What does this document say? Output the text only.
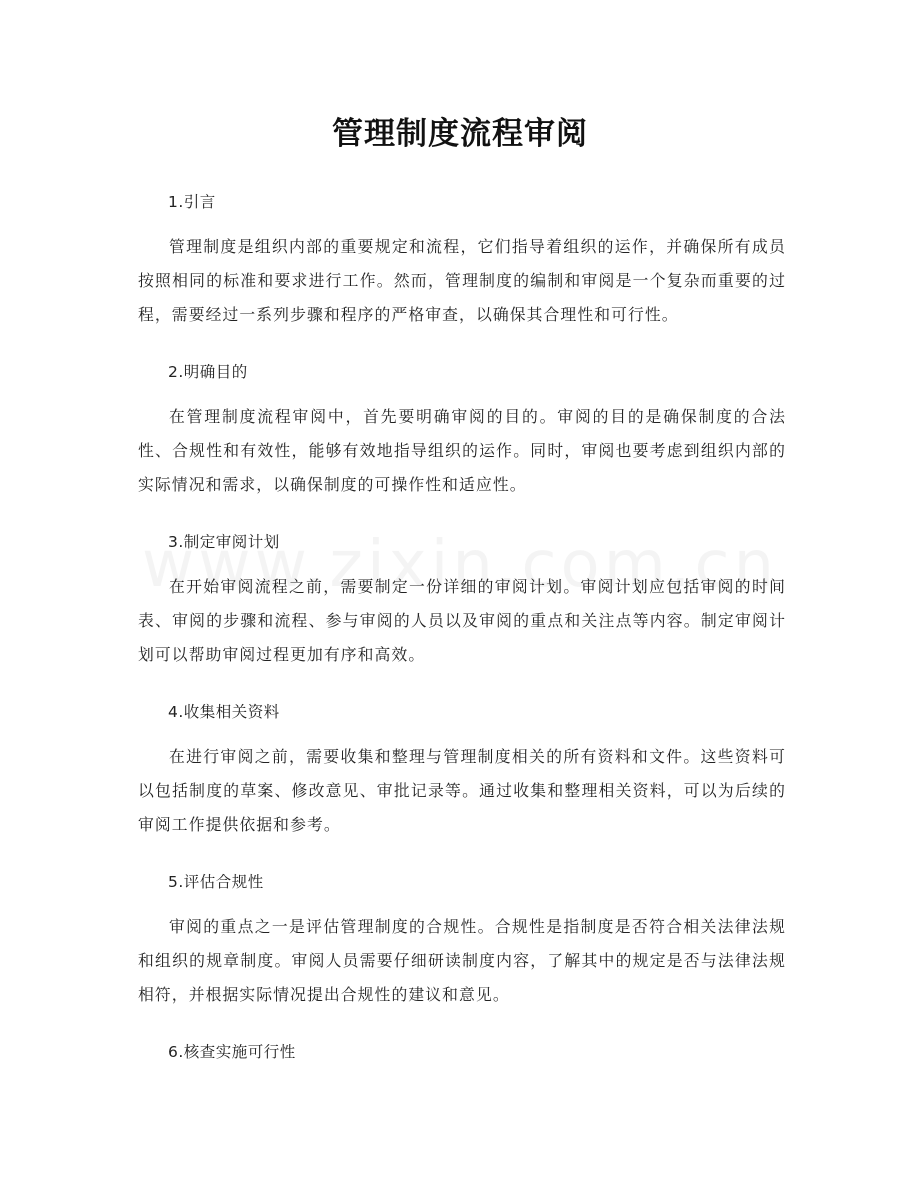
管理制度流程审阅
1.引言
管理制度是组织内部的重要规定和流程，它们指导着组织的运作，并确保所有成员按照相同的标准和要求进行工作。然而，管理制度的编制和审阅是一个复杂而重要的过程，需要经过一系列步骤和程序的严格审查，以确保其合理性和可行性。
2.明确目的
在管理制度流程审阅中，首先要明确审阅的目的。审阅的目的是确保制度的合法性、合规性和有效性，能够有效地指导组织的运作。同时，审阅也要考虑到组织内部的实际情况和需求，以确保制度的可操作性和适应性。
3.制定审阅计划
在开始审阅流程之前，需要制定一份详细的审阅计划。审阅计划应包括审阅的时间表、审阅的步骤和流程、参与审阅的人员以及审阅的重点和关注点等内容。制定审阅计划可以帮助审阅过程更加有序和高效。
4.收集相关资料
在进行审阅之前，需要收集和整理与管理制度相关的所有资料和文件。这些资料可以包括制度的草案、修改意见、审批记录等。通过收集和整理相关资料，可以为后续的审阅工作提供依据和参考。
5.评估合规性
审阅的重点之一是评估管理制度的合规性。合规性是指制度是否符合相关法律法规和组织的规章制度。审阅人员需要仔细研读制度内容，了解其中的规定是否与法律法规相符，并根据实际情况提出合规性的建议和意见。
6.核查实施可行性
